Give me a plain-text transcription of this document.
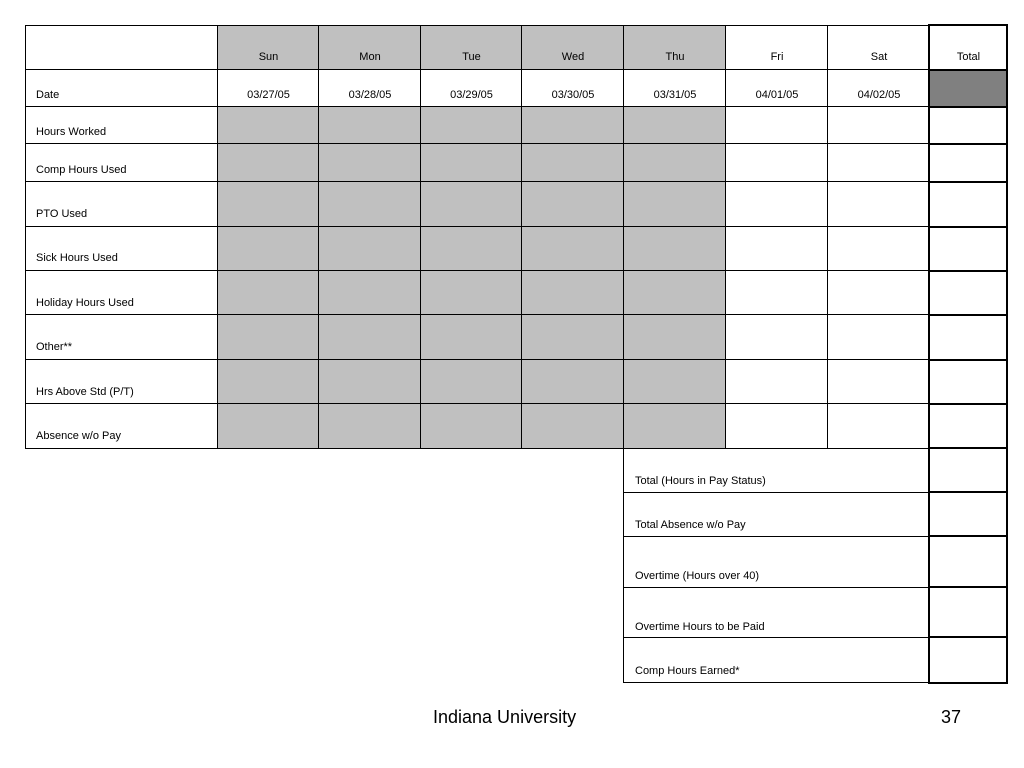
Sun	Mon	Tue	Wed	Thu	Fri	Sat	Total
Date	03/27/05	03/28/05	03/29/05	03/30/05	03/31/05	04/01/05	04/02/05
Hours Worked
Comp Hours Used
PTO Used
Sick Hours Used
Holiday Hours Used
Other**
Hrs Above Std (P/T)
Absence w/o Pay
Total (Hours in Pay Status)
Total Absence w/o Pay
Overtime (Hours over 40)
Overtime Hours to be Paid
Comp Hours Earned*
Indiana University	37
